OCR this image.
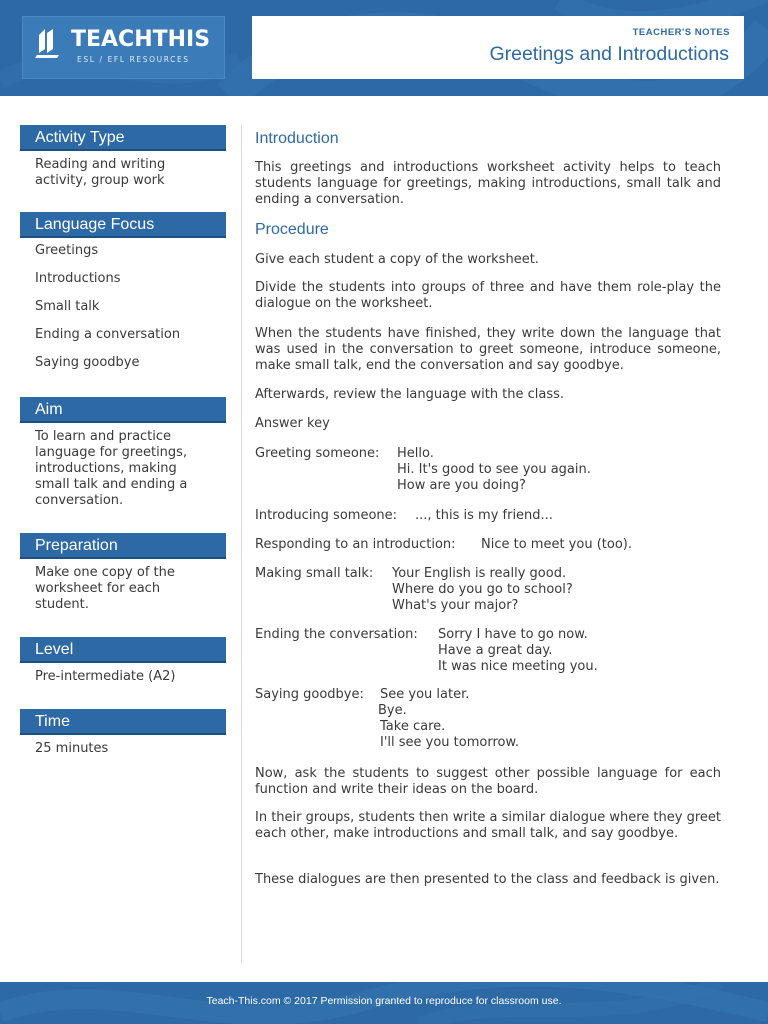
TEACHTHIS
ESL / EFL RESOURCES
TEACHER'S NOTES
Greetings and Introductions
Activity Type
Reading and writing activity, group work
Language Focus
Greetings
Introductions
Small talk
Ending a conversation
Saying goodbye
Aim
To learn and practice language for greetings, introductions, making small talk and ending a conversation.
Preparation
Make one copy of the worksheet for each student.
Level
Pre-intermediate (A2)
Time
25 minutes
Introduction
This greetings and introductions worksheet activity helps to teach students language for greetings, making introductions, small talk and ending a conversation.
Procedure
Give each student a copy of the worksheet.
Divide the students into groups of three and have them role-play the dialogue on the worksheet.
When the students have finished, they write down the language that was used in the conversation to greet someone, introduce someone, make small talk, end the conversation and say goodbye.
Afterwards, review the language with the class.
Answer key
Greeting someone: Hello.
Hi. It's good to see you again.
How are you doing?
Introducing someone: ..., this is my friend...
Responding to an introduction: Nice to meet you (too).
Making small talk: Your English is really good.
Where do you go to school?
What's your major?
Ending the conversation: Sorry I have to go now.
Have a great day.
It was nice meeting you.
Saying goodbye: See you later.
Bye.
Take care.
I'll see you tomorrow.
Now, ask the students to suggest other possible language for each function and write their ideas on the board.
In their groups, students then write a similar dialogue where they greet each other, make introductions and small talk, and say goodbye.
These dialogues are then presented to the class and feedback is given.
Teach-This.com © 2017 Permission granted to reproduce for classroom use.
